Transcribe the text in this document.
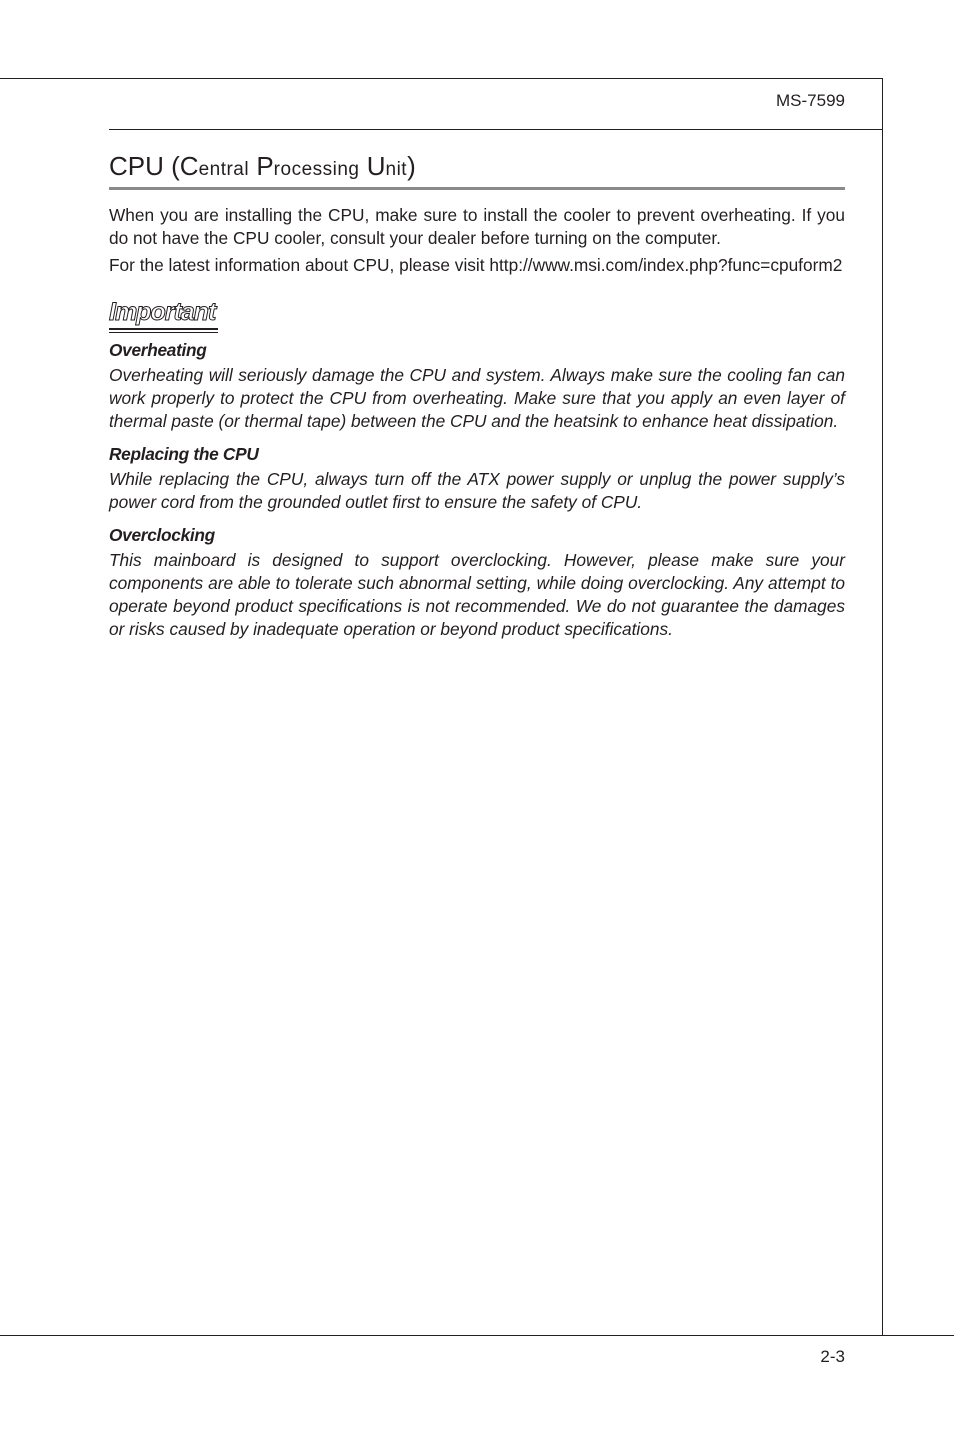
MS-7599
CPU (Central Processing Unit)

When you are installing the CPU, make sure to install the cooler to prevent overheating. If you do not have the CPU cooler, consult your dealer before turning on the computer.

For the latest information about CPU, please visit http://www.msi.com/index.php?func=cpuform2

Important

Overheating

Overheating will seriously damage the CPU and system. Always make sure the cooling fan can work properly to protect the CPU from overheating. Make sure that you apply an even layer of thermal paste (or thermal tape) between the CPU and the heatsink to enhance heat dissipation.

Replacing the CPU

While replacing the CPU, always turn off the ATX power supply or unplug the power supply’s power cord from the grounded outlet first to ensure the safety of CPU.

Overclocking

This mainboard is designed to support overclocking. However, please make sure your components are able to tolerate such abnormal setting, while doing overclocking. Any attempt to operate beyond product specifications is not recommended. We do not guarantee the damages or risks caused by inadequate operation or beyond product specifications.

2-3
